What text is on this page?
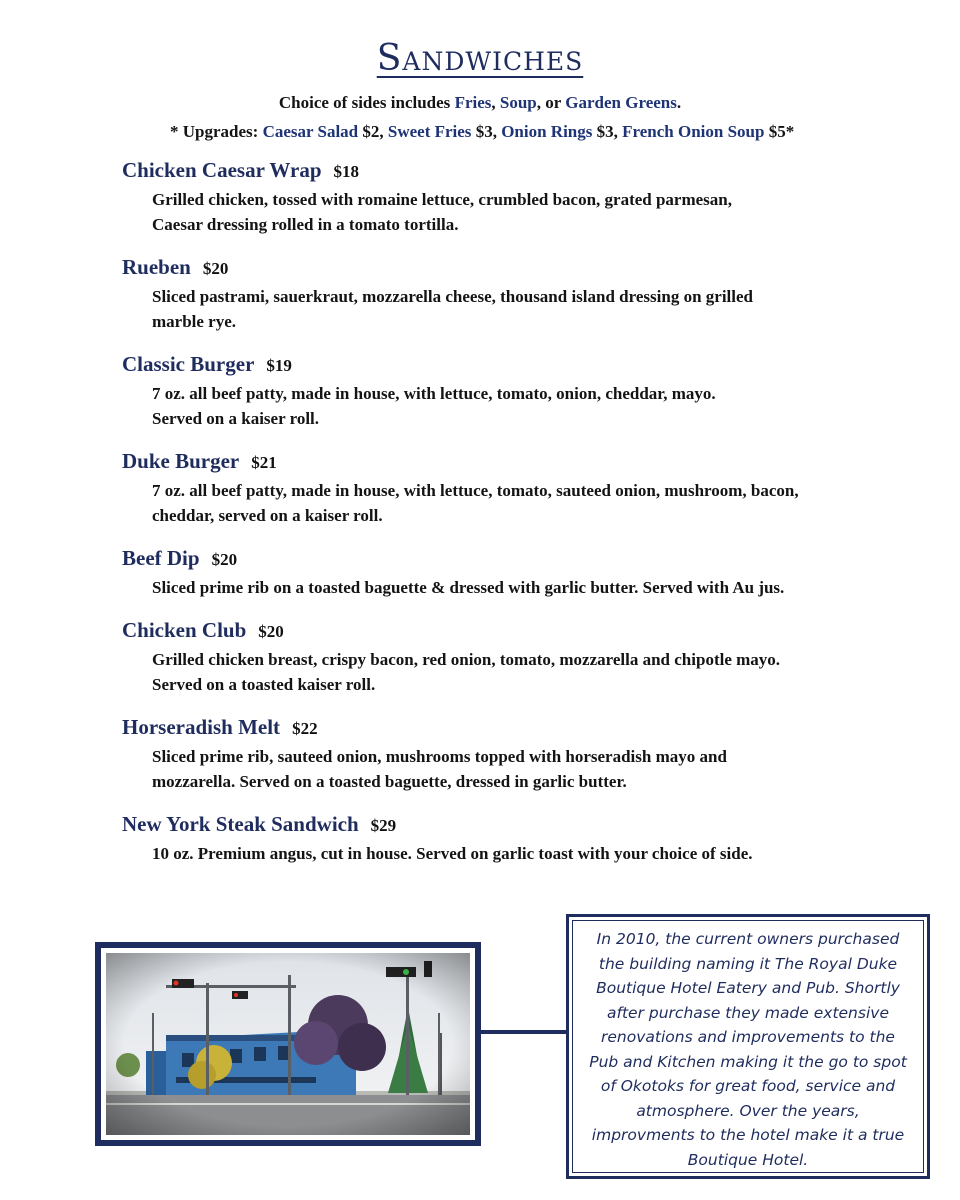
Sandwiches
Choice of sides includes Fries, Soup, or Garden Greens.
* Upgrades: Caesar Salad $2, Sweet Fries $3, Onion Rings $3, French Onion Soup $5*
Chicken Caesar Wrap $18
Grilled chicken, tossed with romaine lettuce, crumbled bacon, grated parmesan,
Caesar dressing rolled in a tomato tortilla.
Rueben $20
Sliced pastrami, sauerkraut, mozzarella cheese, thousand island dressing on grilled
marble rye.
Classic Burger $19
7 oz. all beef patty, made in house, with lettuce, tomato, onion, cheddar, mayo.
Served on a kaiser roll.
Duke Burger $21
7 oz. all beef patty, made in house, with lettuce, tomato, sauteed onion, mushroom, bacon,
cheddar, served on a kaiser roll.
Beef Dip $20
Sliced prime rib on a toasted baguette & dressed with garlic butter. Served with Au jus.
Chicken Club $20
Grilled chicken breast, crispy bacon, red onion, tomato, mozzarella and chipotle mayo.
Served on a toasted kaiser roll.
Horseradish Melt $22
Sliced prime rib, sauteed onion, mushrooms topped with horseradish mayo and
mozzarella. Served on a toasted baguette, dressed in garlic butter.
New York Steak Sandwich $29
10 oz. Premium angus, cut in house. Served on garlic toast with your choice of side.
In 2010, the current owners purchased
the building naming it The Royal Duke
Boutique Hotel Eatery and Pub. Shortly
after purchase they made extensive
renovations and improvements to the
Pub and Kitchen making it the go to spot
of Okotoks for great food, service and
atmosphere. Over the years,
improvments to the hotel make it a true
Boutique Hotel.
